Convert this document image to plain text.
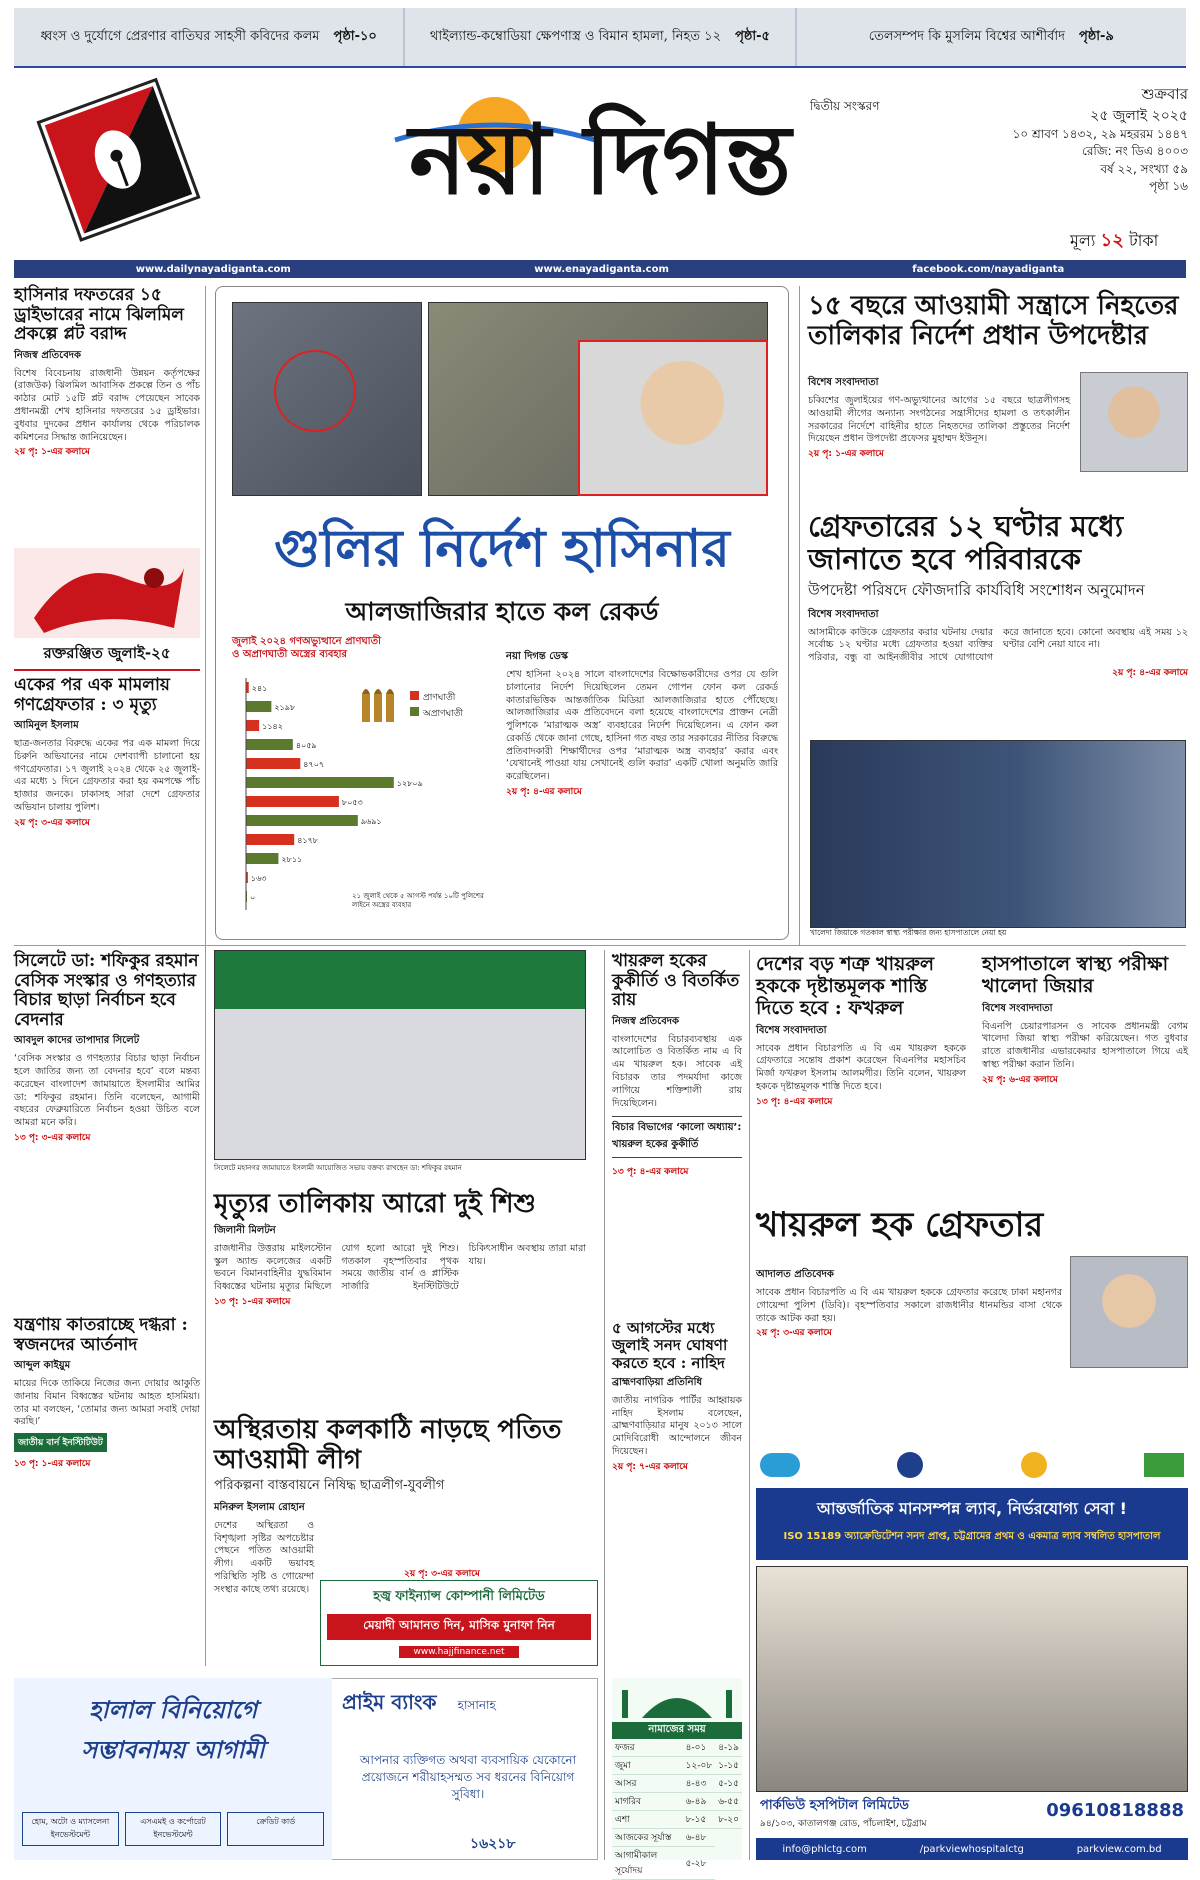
ধ্বংস ও দুর্যোগে প্রেরণার বাতিঘর সাহসী কবিদের কলম পৃষ্ঠা-১০	থাইল্যান্ড-কম্বোডিয়া ক্ষেপণাস্ত্র ও বিমান হামলা, নিহত ১২ পৃষ্ঠা-৫	তেলসম্পদ কি মুসলিম বিশ্বের আশীর্বাদ পৃষ্ঠা-৯
নয়া দিগন্ত	দ্বিতীয় সংস্করণ
শুক্রবার
২৫ জুলাই ২০২৫
১০ শ্রাবণ ১৪৩২, ২৯ মহররম ১৪৪৭
রেজি: নং ডিএ ৪০০৩
বর্ষ ২২, সংখ্যা ৫৯
পৃষ্ঠা ১৬
মূল্য ১২ টাকা
www.dailynayadiganta.com	www.enayadiganta.com	facebook.com/nayadiganta
হাসিনার দফতরের ১৫ ড্রাইভারের নামে ঝিলমিল প্রকল্পে প্লট বরাদ্দ
নিজস্ব প্রতিবেদক
বিশেষ বিবেচনায় রাজধানী উন্নয়ন কর্তৃপক্ষের (রাজউক) ঝিলমিল আবাসিক প্রকল্পে তিন ও পাঁচ কাঠার মোট ১৫টি প্লট বরাদ্দ পেয়েছেন সাবেক প্রধানমন্ত্রী শেখ হাসিনার দফতরের ১৫ ড্রাইভার। বুধবার দুদকের প্রধান কার্যালয় থেকে পরিচালক কমিশনের সিদ্ধান্ত জানিয়েছেন।
২য় পৃ: ১-এর কলামে
রক্তরঞ্জিত জুলাই-২৫
একের পর এক মামলায় গণগ্রেফতার : ৩ মৃত্যু
আমিনুল ইসলাম
ছাত্র-জনতার বিরুদ্ধে একের পর এক মামলা দিয়ে চিরুনি অভিযানের নামে দেশব্যাপী চালানো হয় গণগ্রেফতার। ১৭ জুলাই ২০২৪ থেকে ২৫ জুলাই-এর মধ্যে ১ দিনে গ্রেফতার করা হয় কমপক্ষে পাঁচ হাজার জনকে। ঢাকাসহ সারা দেশে গ্রেফতার অভিযান চালায় পুলিশ।
২য় পৃ: ৩-এর কলামে
সিলেটে ডা: শফিকুর রহমান বেসিক সংস্কার ও গণহত্যার বিচার ছাড়া নির্বাচন হবে বেদনার
আবদুল কাদের তাপাদার সিলেট
‘বেসিক সংস্কার ও গণহত্যার বিচার ছাড়া নির্বাচন হলে জাতির জন্য তা বেদনার হবে’ বলে মন্তব্য করেছেন বাংলাদেশ জামায়াতে ইসলামীর আমির ডা: শফিকুর রহমান। তিনি বলেছেন, আগামী বছরের ফেব্রুয়ারিতে নির্বাচন হওয়া উচিত বলে আমরা মনে করি।
১৩ পৃ: ৩-এর কলামে
যন্ত্রণায় কাতরাচ্ছে দগ্ধরা : স্বজনদের আর্তনাদ
আব্দুল কাইয়ুম
মায়ের দিকে তাকিয়ে নিজের জন্য দোয়ার আকুতি জানায় বিমান বিধ্বস্তের ঘটনায় আহত হাসমিয়া। তার মা বলছেন, ‘তোমার জন্য আমরা সবাই দোয়া করছি।’
জাতীয় বার্ন ইনস্টিটিউট
১৩ পৃ: ১-এর কলামে
গুলির নির্দেশ হাসিনার
আলজাজিরার হাতে কল রেকর্ড
জুলাই ২০২৪ গণঅভ্যুত্থানে প্রাণঘাতী ও অপ্রাণঘাতী অস্ত্রের ব্যবহার
২৪১
২১৯৮
১১৪২
৪০৫৯
৪৭০৭
১২৮০৯
৮০৫৩
৯৬৯১
৪১৭৮
২৮১১
১৬৩
০	২১ জুলাই থেকে ৫ আগস্ট পর্যন্ত ১০টি পুলিশের লাইনে অস্ত্রের ব্যবহার
প্রাণঘাতী
অপ্রাণঘাতী
নয়া দিগন্ত ডেস্ক
শেখ হাসিনা ২০২৪ সালে বাংলাদেশের বিক্ষোভকারীদের ওপর যে গুলি চালানোর নির্দেশ দিয়েছিলেন তেমন গোপন ফোন কল রেকর্ড কাতারভিত্তিক আন্তর্জাতিক মিডিয়া আলজাজিরার হাতে পৌঁছেছে। আলজাজিরার এক প্রতিবেদনে বলা হয়েছে বাংলাদেশের প্রাক্তন নেত্রী পুলিশকে ‘মারাত্মক অস্ত্র’ ব্যবহারের নির্দেশ দিয়েছিলেন। এ ফোন কল রেকর্ডি থেকে জানা গেছে, হাসিনা গত বছর তার সরকারের নীতির বিরুদ্ধে প্রতিবাদকারী শিক্ষার্থীদের ওপর ‘মারাত্মক অস্ত্র ব্যবহার’ করার এবং ‘যেখানেই পাওয়া যায় সেখানেই গুলি করার’ একটি খোলা অনুমতি জারি করেছিলেন।
২য় পৃ: ৪-এর কলামে
১৫ বছরে আওয়ামী সন্ত্রাসে নিহতের তালিকার নির্দেশ প্রধান উপদেষ্টার
বিশেষ সংবাদদাতা
চব্বিশের জুলাইয়ের গণ-অভ্যুত্থানের আগের ১৫ বছরে ছাত্রলীগসহ আওয়ামী লীগের অন্যান্য সংগঠনের সন্ত্রাসীদের হামলা ও তৎকালীন সরকারের নির্দেশে বাহিনীর হাতে নিহতদের তালিকা প্রস্তুতের নির্দেশ দিয়েছেন প্রধান উপদেষ্টা প্রফেসর মুহাম্মদ ইউনূস।
২য় পৃ: ১-এর কলামে
গ্রেফতারের ১২ ঘণ্টার মধ্যে জানাতে হবে পরিবারকে
উপদেষ্টা পরিষদে ফৌজদারি কার্যবিধি সংশোধন অনুমোদন
বিশেষ সংবাদদাতা
আসামীকে কাউকে গ্রেফতার করার ঘটনায় দেয়ার সর্বোচ্চ ১২ ঘণ্টার মধ্যে গ্রেফতার হওয়া ব্যক্তির পরিবার, বন্ধু বা আইনজীবীর সাথে যোগাযোগ করে জানাতে হবে। কোনো অবস্থায় এই সময় ১২ ঘণ্টার বেশি নেয়া যাবে না।
২য় পৃ: ৪-এর কলামে
খালেদা জিয়াকে গতকাল স্বাস্থ্য পরীক্ষার জন্য হাসপাতালে নেয়া হয়
সিলেটে মহানগর জামায়াতে ইসলামী আয়োজিত সভায় বক্তব্য রাখছেন ডা: শফিকুর রহমান
মৃত্যুর তালিকায় আরো দুই শিশু
জিলানী মিলটন
রাজধানীর উত্তরায় মাইলস্টোন স্কুল অ্যান্ড কলেজের একটি ভবনে বিমানবাহিনীর যুদ্ধবিমান বিধ্বস্তের ঘটনায় মৃত্যুর মিছিলে যোগ হলো আরো দুই শিশু। গতকাল বৃহস্পতিবার পৃথক সময়ে জাতীয় বার্ন ও প্লাস্টিক সার্জারি ইনস্টিটিউটে চিকিৎসাধীন অবস্থায় তারা মারা যায়।
১৩ পৃ: ১-এর কলামে
খায়রুল হকের কুকীর্তি ও বিতর্কিত রায়
নিজস্ব প্রতিবেদক
বাংলাদেশের বিচারব্যবস্থায় এক আলোচিত ও বিতর্কিত নাম এ বি এম খায়রুল হক। সাবেক এই বিচারক তার পদমর্যাদা কাজে লাগিয়ে শক্তিশালী রায় দিয়েছিলেন।
বিচার বিভাগের ‘কালো অধ্যায়’: খায়রুল হকের কুকীর্তি
১৩ পৃ: ৪-এর কলামে
৫ আগস্টের মধ্যে জুলাই সনদ ঘোষণা করতে হবে : নাহিদ
ব্রাহ্মণবাড়িয়া প্রতিনিধি
জাতীয় নাগরিক পার্টির আহ্বায়ক নাহিদ ইসলাম বলেছেন, ব্রাহ্মণবাড়িয়ার মানুষ ২০১৩ সালে মোদিবিরোধী আন্দোলনে জীবন দিয়েছেন।
২য় পৃ: ৭-এর কলামে
দেশের বড় শত্রু খায়রুল হককে দৃষ্টান্তমূলক শাস্তি দিতে হবে : ফখরুল
বিশেষ সংবাদদাতা
সাবেক প্রধান বিচারপতি এ বি এম খায়রুল হককে গ্রেফতারে সন্তোষ প্রকাশ করেছেন বিএনপির মহাসচিব মির্জা ফখরুল ইসলাম আলমগীর। তিনি বলেন, খায়রুল হককে দৃষ্টান্তমূলক শাস্তি দিতে হবে।
১৩ পৃ: ৪-এর কলামে
হাসপাতালে স্বাস্থ্য পরীক্ষা খালেদা জিয়ার
বিশেষ সংবাদদাতা
বিএনপি চেয়ারপারসন ও সাবেক প্রধানমন্ত্রী বেগম খালেদা জিয়া স্বাস্থ্য পরীক্ষা করিয়েছেন। গত বুধবার রাতে রাজধানীর এভারকেয়ার হাসপাতালে গিয়ে এই স্বাস্থ্য পরীক্ষা করান তিনি।
২য় পৃ: ৬-এর কলামে
খায়রুল হক গ্রেফতার
আদালত প্রতিবেদক
সাবেক প্রধান বিচারপতি এ বি এম খায়রুল হককে গ্রেফতার করেছে ঢাকা মহানগর গোয়েন্দা পুলিশ (ডিবি)। বৃহস্পতিবার সকালে রাজধানীর ধানমন্ডির বাসা থেকে তাকে আটক করা হয়।
২য় পৃ: ৩-এর কলামে
অস্থিরতায় কলকাঠি নাড়ছে পতিত আওয়ামী লীগ
পরিকল্পনা বাস্তবায়নে নিষিদ্ধ ছাত্রলীগ-যুবলীগ
মনিরুল ইসলাম রোহান
দেশের অস্থিরতা ও বিশৃঙ্খলা সৃষ্টির অপচেষ্টার পেছনে পতিত আওয়ামী লীগ। একটি ভয়াবহ পরিস্থিতি সৃষ্টি ও গোয়েন্দা সংস্থার কাছে তথ্য রয়েছে।
২য় পৃ: ৩-এর কলামে
হজ্ব ফাইন্যান্স কোম্পানী লিমিটেড
মেয়াদী আমানত দিন, মাসিক মুনাফা নিন
www.hajjfinance.net
হালাল বিনিয়োগে
সম্ভাবনাময় আগামী
হোম, অটো ও ম্যাসলেনা ইনভেস্টমেন্ট
এসএমই ও কর্পোরেট ইনভেস্টমেন্ট
ক্রেডিট কার্ড
প্রাইম ব্যাংক হাসানাহ
আপনার ব্যক্তিগত অথবা ব্যবসায়িক যেকোনো প্রয়োজনে শরীয়াহসম্মত সব ধরনের বিনিয়োগ সুবিধা।
১৬২১৮
নামাজের সময়
ফজর	৪-০১	৪-১৯
জুমা	১২-০৮	১-১৫
আসর	৪-৪৩	৫-১৫
মাগরিব	৬-৪৯	৬-৫৫
এশা	৮-১৫	৮-২০
আজকের সূর্যাস্ত	৬-৪৮	
আগামীকাল সূর্যোদয়	৫-২৮	
আন্তর্জাতিক মানসম্পন্ন ল্যাব, নির্ভরযোগ্য সেবা !
ISO 15189 অ্যাক্রেডিটেশন সনদ প্রাপ্ত, চট্টগ্রামের প্রথম ও একমাত্র ল্যাব সম্বলিত হাসপাতাল
পার্কভিউ হসপিটাল লিমিটেড
৯৪/১০৩, কাতালগঞ্জ রোড, পাঁচলাইশ, চট্টগ্রাম
09610818888
info@phlctg.com	/parkviewhospitalctg	parkview.com.bd
